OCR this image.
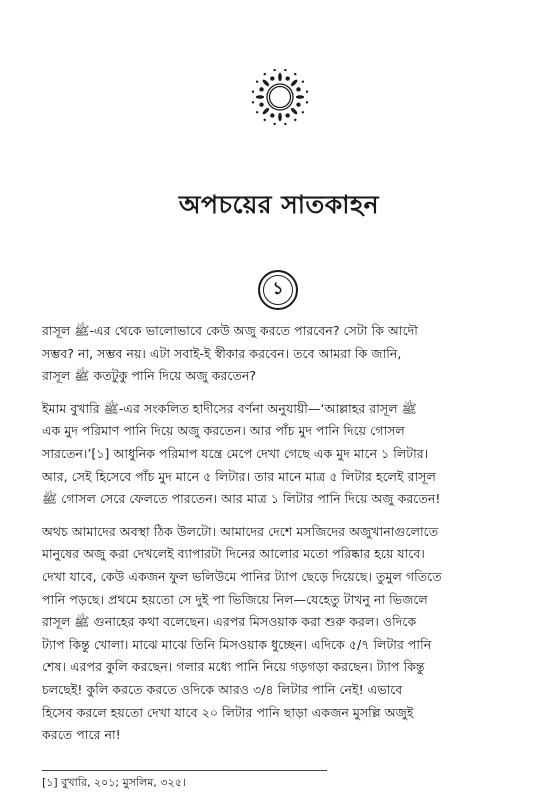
অপচয়ের সাতকাহন
১

রাসূল ﷺ-এর থেকে ভালোভাবে কেউ অজু করতে পারবেন? সেটা কি আদৌ
সম্ভব? না, সম্ভব নয়। এটা সবাই-ই স্বীকার করবেন। তবে আমরা কি জানি,
রাসূল ﷺ কতটুকু পানি দিয়ে অজু করতেন?

ইমাম বুখারি ﷺ-এর সংকলিত হাদীসের বর্ণনা অনুযায়ী—‘আল্লাহর রাসূল ﷺ
এক মুদ পরিমাণ পানি দিয়ে অজু করতেন। আর পাঁচ মুদ পানি দিয়ে গোসল
সারতেন।’[১] আধুনিক পরিমাপ যন্ত্রে মেপে দেখা গেছে এক মুদ মানে ১ লিটার।
আর, সেই হিসেবে পাঁচ মুদ মানে ৫ লিটার। তার মানে মাত্র ৫ লিটার হলেই রাসূল
ﷺ গোসল সেরে ফেলতে পারতেন। আর মাত্র ১ লিটার পানি দিয়ে অজু করতেন!

অথচ আমাদের অবস্থা ঠিক উলটো। আমাদের দেশে মসজিদের অজুখানাগুলোতে
মানুষের অজু করা দেখলেই ব্যাপারটা দিনের আলোর মতো পরিষ্কার হয়ে যাবে।
দেখা যাবে, কেউ একজন ফুল ভলিউমে পানির ট্যাপ ছেড়ে দিয়েছে। তুমুল গতিতে
পানি পড়ছে। প্রথমে হয়তো সে দুই পা ভিজিয়ে নিল—যেহেতু টাখনু না ভিজলে
রাসূল ﷺ গুনাহের কথা বলেছেন। এরপর মিসওয়াক করা শুরু করল। ওদিকে
ট্যাপ কিন্তু খোলা। মাঝে মাঝে তিনি মিসওয়াক ধুচ্ছেন। এদিকে ৫/৭ লিটার পানি
শেষ। এরপর কুলি করছেন। গলার মধ্যে পানি নিয়ে গড়গড়া করছেন। ট্যাপ কিন্তু
চলছেই! কুলি করতে করতে ওদিকে আরও ৩/৪ লিটার পানি নেই! এভাবে
হিসেব করলে হয়তো দেখা যাবে ২০ লিটার পানি ছাড়া একজন মুসল্লি অজুই
করতে পারে না!

[১] বুখারি, ২০১; মুসলিম, ৩২৫।
